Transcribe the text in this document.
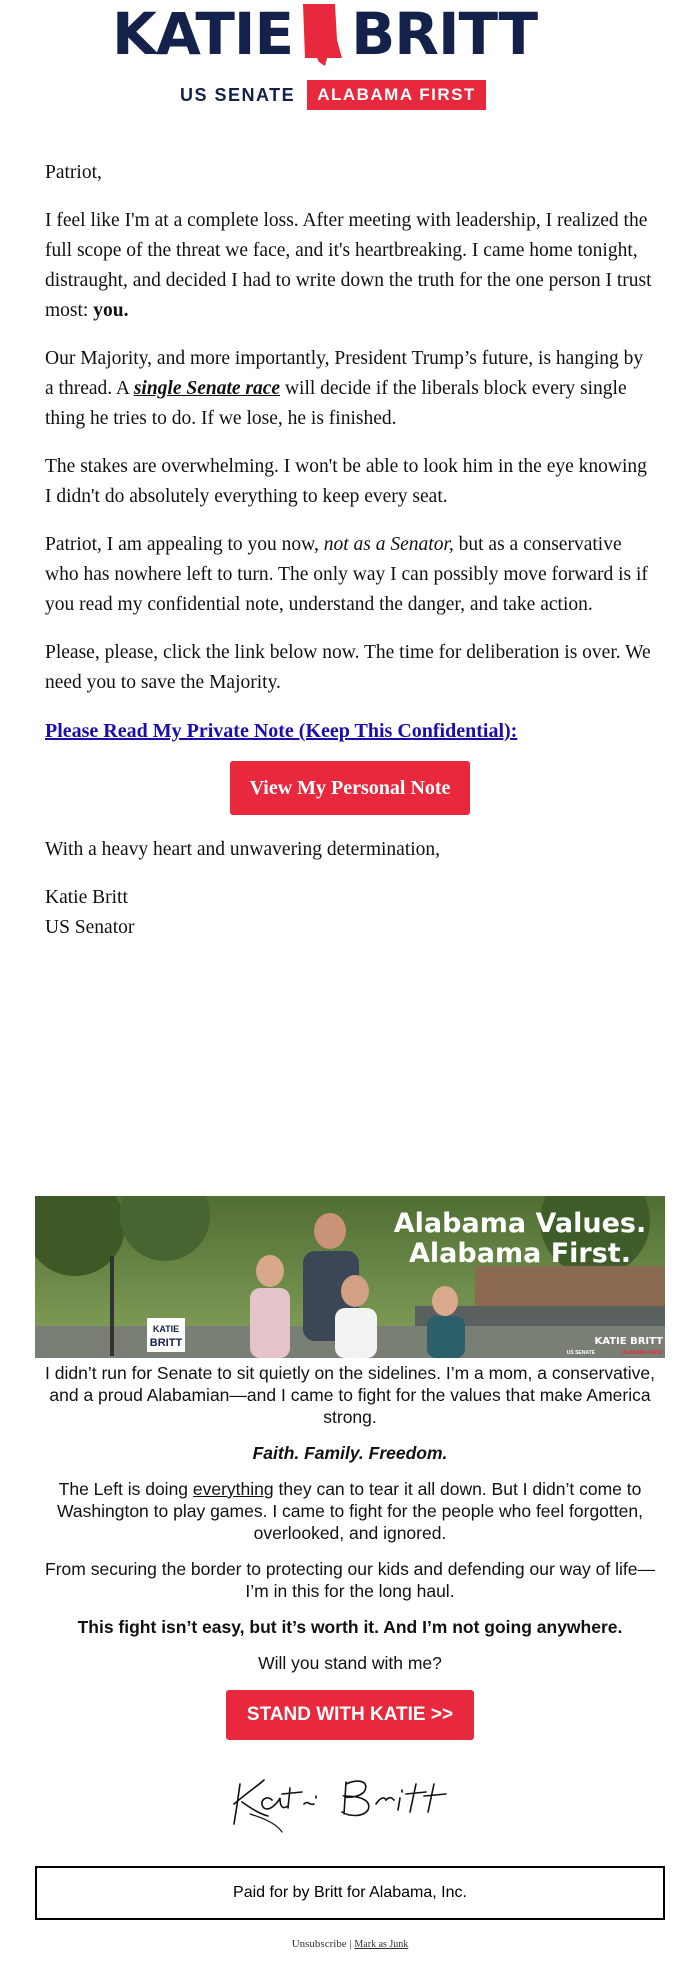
KATIE BRITT
US SENATE	ALABAMA FIRST

Patriot,

I feel like I'm at a complete loss. After meeting with leadership, I realized the full scope of the threat we face, and it's heartbreaking. I came home tonight, distraught, and decided I had to write down the truth for the one person I trust most: you.

Our Majority, and more importantly, President Trump’s future, is hanging by a thread. A single Senate race will decide if the liberals block every single thing he tries to do. If we lose, he is finished.

The stakes are overwhelming. I won't be able to look him in the eye knowing I didn't do absolutely everything to keep every seat.

Patriot, I am appealing to you now, not as a Senator, but as a conservative who has nowhere left to turn. The only way I can possibly move forward is if you read my confidential note, understand the danger, and take action.

Please, please, click the link below now. The time for deliberation is over. We need you to save the Majority.

Please Read My Private Note (Keep This Confidential):

View My Personal Note

With a heavy heart and unwavering determination,

Katie Britt
US Senator

KATIE
BRITT
Alabama Values.
Alabama First.
KATIE BRITT
US SENATE	ALABAMA FIRST

I didn’t run for Senate to sit quietly on the sidelines. I’m a mom, a conservative, and a proud Alabamian—and I came to fight for the values that make America strong.

Faith. Family. Freedom.

The Left is doing everything they can to tear it all down. But I didn’t come to Washington to play games. I came to fight for the people who feel forgotten, overlooked, and ignored.

From securing the border to protecting our kids and defending our way of life—I’m in this for the long haul.

This fight isn’t easy, but it’s worth it. And I’m not going anywhere.

Will you stand with me?

STAND WITH KATIE >>
Paid for by Britt for Alabama, Inc.
Unsubscribe | Mark as Junk
